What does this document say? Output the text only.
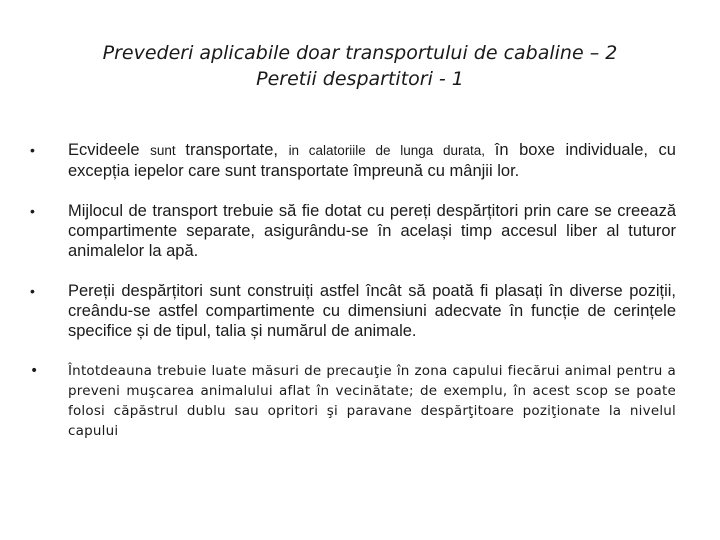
Prevederi aplicabile doar transportului de cabaline – 2
Peretii despartitori - 1
• Ecvideele sunt transportate, in calatoriile de lunga durata, în boxe individuale, cu excepția iepelor care sunt transportate împreună cu mânjii lor.
• Mijlocul de transport trebuie să fie dotat cu pereți despărțitori prin care se creează compartimente separate, asigurându-se în același timp accesul liber al tuturor animalelor la apă.
• Pereții despărțitori sunt construiți astfel încât să poată fi plasați în diverse poziții, creându-se astfel compartimente cu dimensiuni adecvate în funcție de cerințele specifice și de tipul, talia și numărul de animale.
• Întotdeauna trebuie luate măsuri de precauţie în zona capului fiecărui animal pentru a preveni muşcarea animalului aflat în vecinătate; de exemplu, în acest scop se poate folosi căpăstrul dublu sau opritori şi paravane despărţitoare poziţionate la nivelul capului
